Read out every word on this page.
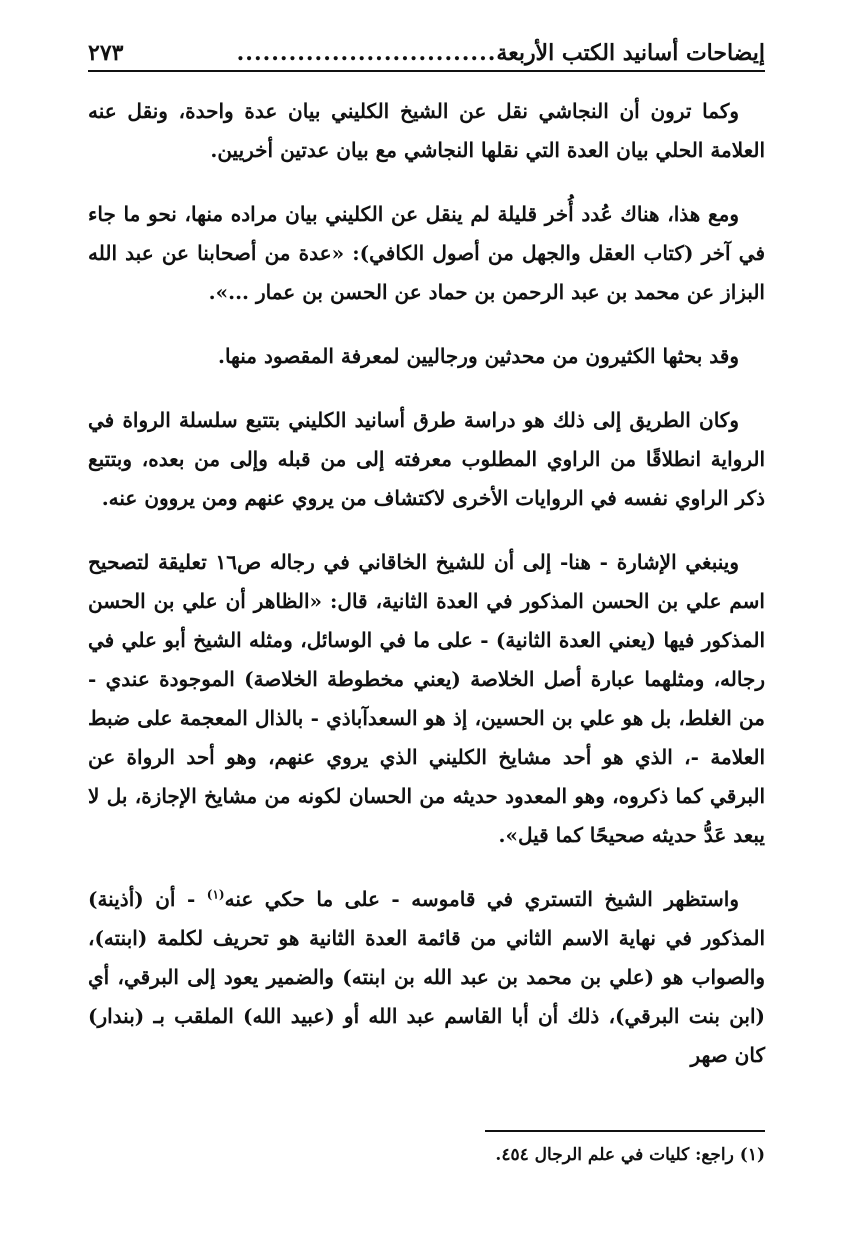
إيضاحات أسانيد الكتب الأربعة
..............................
٢٧٣

وكما ترون أن النجاشي نقل عن الشيخ الكليني بيان عدة واحدة، ونقل عنه العلامة الحلي بيان العدة التي نقلها النجاشي مع بيان عدتين أخريين.

ومع هذا، هناك عُدد أُخر قليلة لم ينقل عن الكليني بيان مراده منها، نحو ما جاء في آخر (كتاب العقل والجهل من أصول الكافي): «عدة من أصحابنا عن عبد الله البزاز عن محمد بن عبد الرحمن بن حماد عن الحسن بن عمار ...».

وقد بحثها الكثيرون من محدثين ورجاليين لمعرفة المقصود منها.

وكان الطريق إلى ذلك هو دراسة طرق أسانيد الكليني بتتبع سلسلة الرواة في الرواية انطلاقًا من الراوي المطلوب معرفته إلى من قبله وإلى من بعده، وبتتبع ذكر الراوي نفسه في الروايات الأخرى لاكتشاف من يروي عنهم ومن يروون عنه.

وينبغي الإشارة - هنا- إلى أن للشيخ الخاقاني في رجاله ص١٦ تعليقة لتصحيح اسم علي بن الحسن المذكور في العدة الثانية، قال: «الظاهر أن علي بن الحسن المذكور فيها (يعني العدة الثانية) - على ما في الوسائل، ومثله الشيخ أبو علي في رجاله، ومثلهما عبارة أصل الخلاصة (يعني مخطوطة الخلاصة) الموجودة عندي - من الغلط، بل هو علي بن الحسين، إذ هو السعدآباذي - بالذال المعجمة على ضبط العلامة -، الذي هو أحد مشايخ الكليني الذي يروي عنهم، وهو أحد الرواة عن البرقي كما ذكروه، وهو المعدود حديثه من الحسان لكونه من مشايخ الإجازة، بل لا يبعد عَدُّ حديثه صحيحًا كما قيل».

واستظهر الشيخ التستري في قاموسه - على ما حكي عنه$^{(١)}$ - أن (أذينة) المذكور في نهاية الاسم الثاني من قائمة العدة الثانية هو تحريف لكلمة (ابنته)، والصواب هو (علي بن محمد بن عبد الله بن ابنته) والضمير يعود إلى البرقي، أي (ابن بنت البرقي)، ذلك أن أبا القاسم عبد الله أو (عبيد الله) الملقب بـ (بندار) كان صهر

(١) راجع: كليات في علم الرجال ٤٥٤.
